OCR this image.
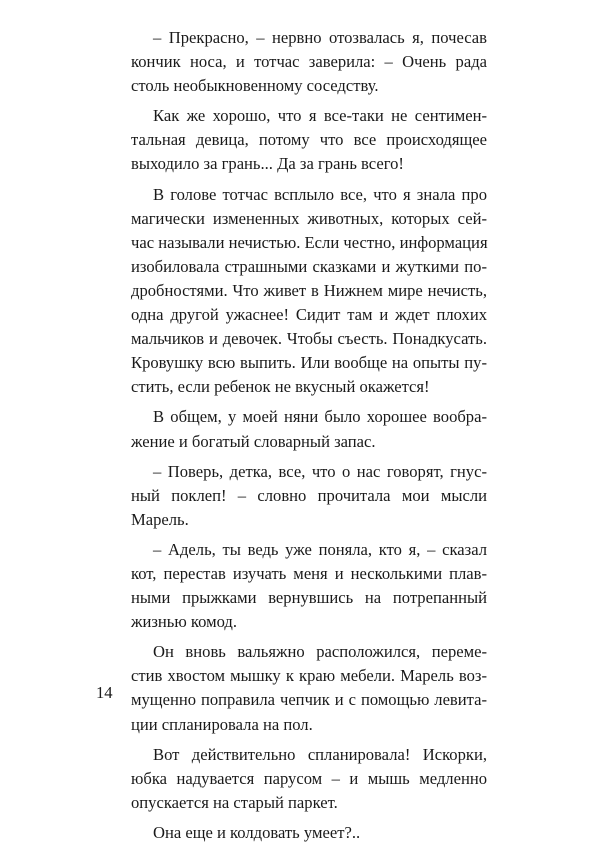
– Прекрасно, – нервно отозвалась я, почесав
кончик носа, и тотчас заверила: – Очень рада
столь необыкновенному соседству.
Как же хорошо, что я все-таки не сентимен-
тальная девица, потому что все происходящее
выходило за грань... Да за грань всего!
В голове тотчас всплыло все, что я знала про
магически измененных животных, которых сей-
час называли нечистью. Если честно, информация
изобиловала страшными сказками и жуткими по-
дробностями. Что живет в Нижнем мире нечисть,
одна другой ужаснее! Сидит там и ждет плохих
мальчиков и девочек. Чтобы съесть. Понадкусать.
Кровушку всю выпить. Или вообще на опыты пу-
стить, если ребенок не вкусный окажется!
В общем, у моей няни было хорошее вообра-
жение и богатый словарный запас.
– Поверь, детка, все, что о нас говорят, гнус-
ный поклеп! – словно прочитала мои мысли
Марель.
– Адель, ты ведь уже поняла, кто я, – сказал
кот, перестав изучать меня и несколькими плав-
ными прыжками вернувшись на потрепанный
жизнью комод.
Он вновь вальяжно расположился, переме-
стив хвостом мышку к краю мебели. Марель воз-
мущенно поправила чепчик и с помощью левита-
ции спланировала на пол.
Вот действительно спланировала! Искорки,
юбка надувается парусом – и мышь медленно
опускается на старый паркет.
Она еще и колдовать умеет?..
14
